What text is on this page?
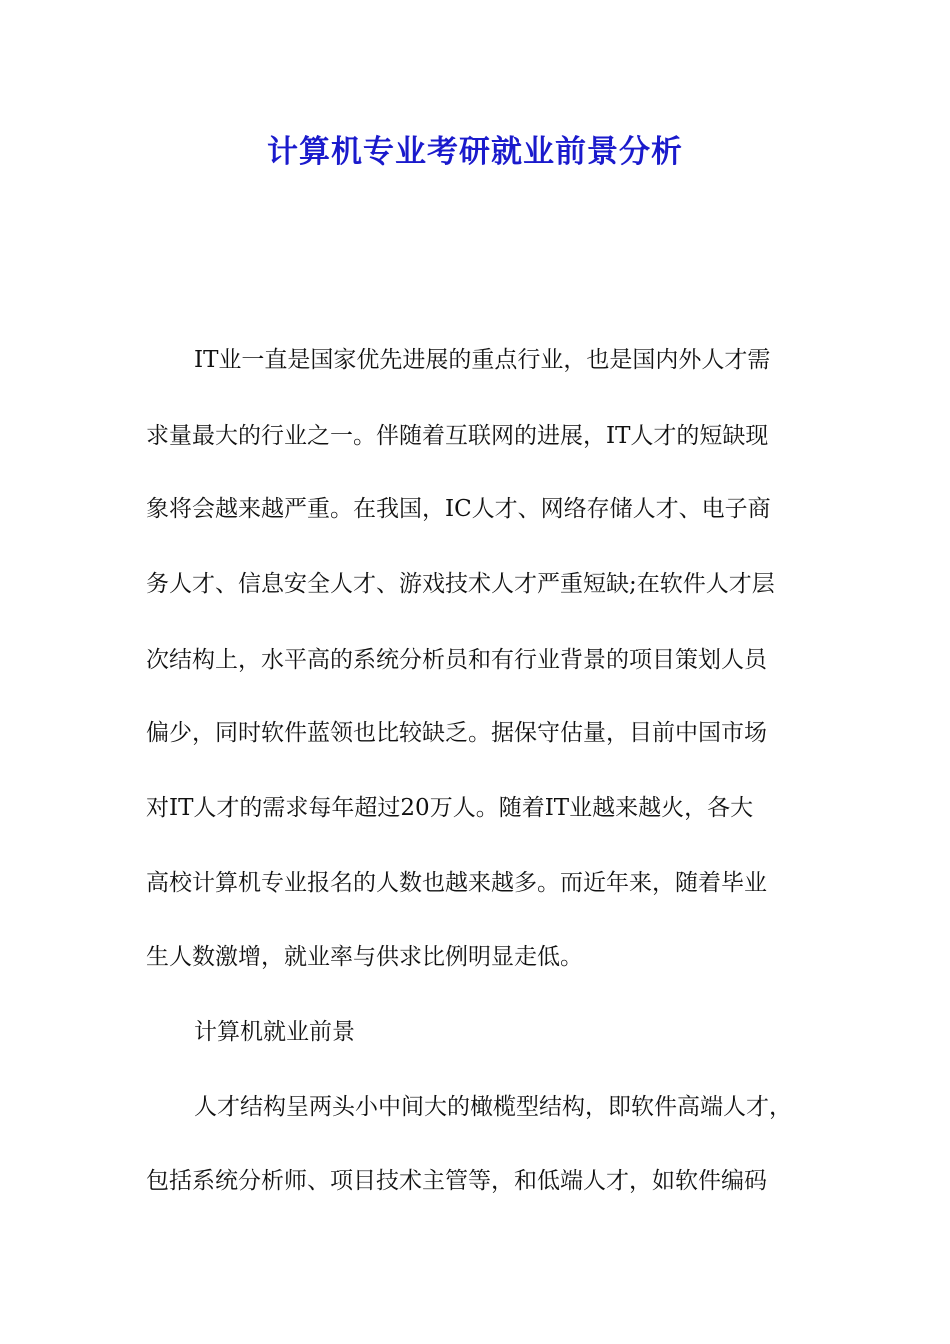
计算机专业考研就业前景分析

IT业一直是国家优先进展的重点行业，也是国内外人才需

求量最大的行业之一。伴随着互联网的进展，IT人才的短缺现

象将会越来越严重。在我国，IC人才、网络存储人才、电子商

务人才、信息安全人才、游戏技术人才严重短缺;在软件人才层

次结构上，水平高的系统分析员和有行业背景的项目策划人员

偏少，同时软件蓝领也比较缺乏。据保守估量，目前中国市场

对IT人才的需求每年超过20万人。随着IT业越来越火，各大

高校计算机专业报名的人数也越来越多。而近年来，随着毕业

生人数激增，就业率与供求比例明显走低。

计算机就业前景

人才结构呈两头小中间大的橄榄型结构，即软件高端人才，

包括系统分析师、项目技术主管等，和低端人才，如软件编码
